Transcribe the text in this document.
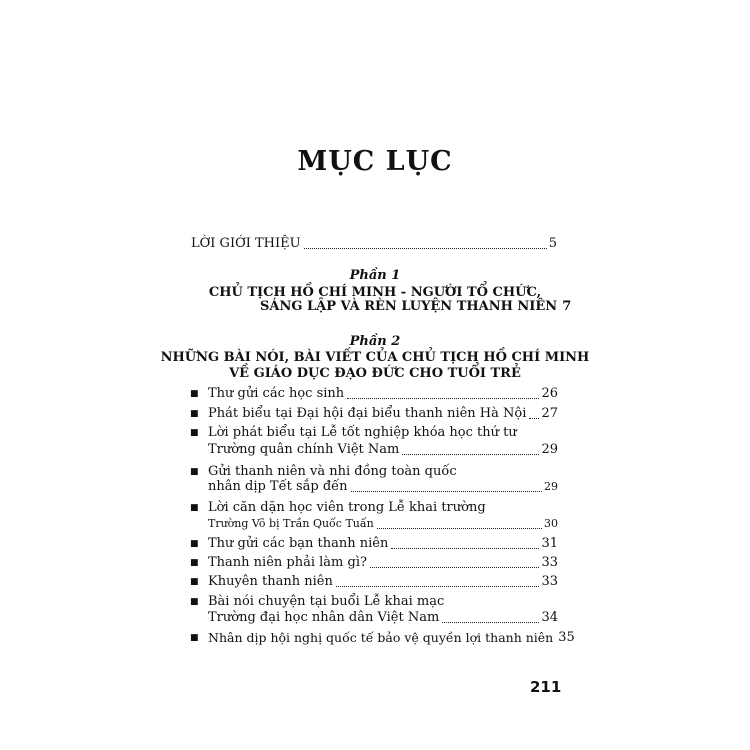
MỤC LỤC
LỜI GIỚI THIỆU	5
Phần 1
CHỦ TỊCH HỒ CHÍ MINH - NGƯỜI TỔ CHỨC,
SÁNG LẬP VÀ RÈN LUYỆN THANH NIÊN 7
Phần 2
NHỮNG BÀI NÓI, BÀI VIẾT CỦA CHỦ TỊCH HỒ CHÍ MINH
VỀ GIÁO DỤC ĐẠO ĐỨC CHO TUỔI TRẺ
■ Thư gửi các học sinh	26
■ Phát biểu tại Đại hội đại biểu thanh niên Hà Nội 27
■ Lời phát biểu tại Lễ tốt nghiệp khóa học thứ tư
Trường quân chính Việt Nam	29
■ Gửi thanh niên và nhi đồng toàn quốc
nhân dịp Tết sắp đến	29
■ Lời căn dặn học viên trong Lễ khai trường
Trường Võ bị Trần Quốc Tuấn	30
■ Thư gửi các bạn thanh niên	31
■ Thanh niên phải làm gì?	33
■ Khuyên thanh niên	33
■ Bài nói chuyện tại buổi Lễ khai mạc
Trường đại học nhân dân Việt Nam	34
■ Nhân dịp hội nghị quốc tế bảo vệ quyền lợi thanh niên 35
211
